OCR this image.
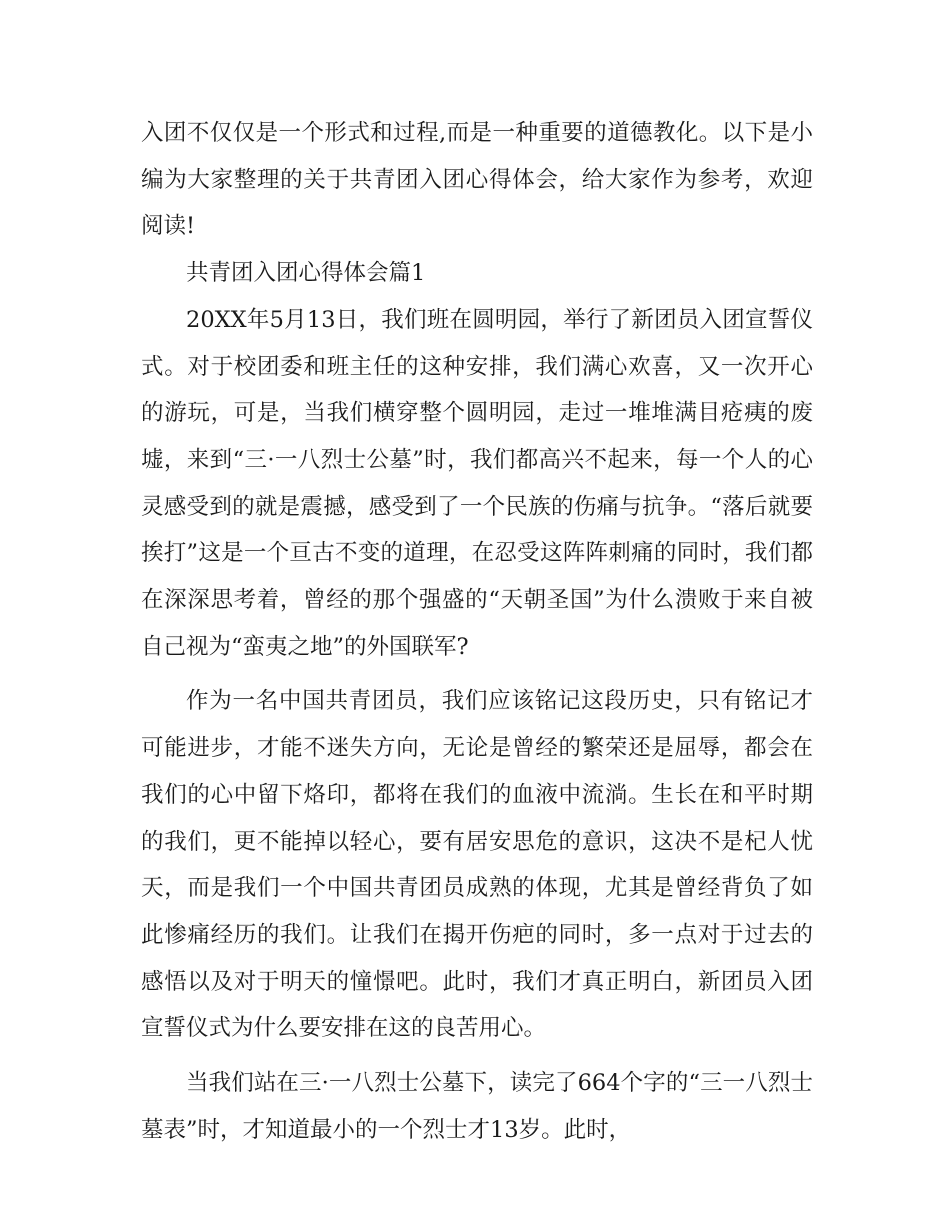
入团不仅仅是一个形式和过程,而是一种重要的道德教化。以下是小编为大家整理的关于共青团入团心得体会，给大家作为参考，欢迎阅读!

共青团入团心得体会篇1

20XX年5月13日，我们班在圆明园，举行了新团员入团宣誓仪式。对于校团委和班主任的这种安排，我们满心欢喜，又一次开心的游玩，可是，当我们横穿整个圆明园，走过一堆堆满目疮痍的废墟，来到“三·一八烈士公墓”时，我们都高兴不起来，每一个人的心灵感受到的就是震撼，感受到了一个民族的伤痛与抗争。“落后就要挨打”这是一个亘古不变的道理，在忍受这阵阵刺痛的同时，我们都在深深思考着，曾经的那个强盛的“天朝圣国”为什么溃败于来自被自己视为“蛮夷之地”的外国联军?

作为一名中国共青团员，我们应该铭记这段历史，只有铭记才可能进步，才能不迷失方向，无论是曾经的繁荣还是屈辱，都会在我们的心中留下烙印，都将在我们的血液中流淌。生长在和平时期的我们，更不能掉以轻心，要有居安思危的意识，这决不是杞人忧天，而是我们一个中国共青团员成熟的体现，尤其是曾经背负了如此惨痛经历的我们。让我们在揭开伤疤的同时，多一点对于过去的感悟以及对于明天的憧憬吧。此时，我们才真正明白，新团员入团宣誓仪式为什么要安排在这的良苦用心。

当我们站在三·一八烈士公墓下，读完了664个字的“三一八烈士墓表”时，才知道最小的一个烈士才13岁。此时，
